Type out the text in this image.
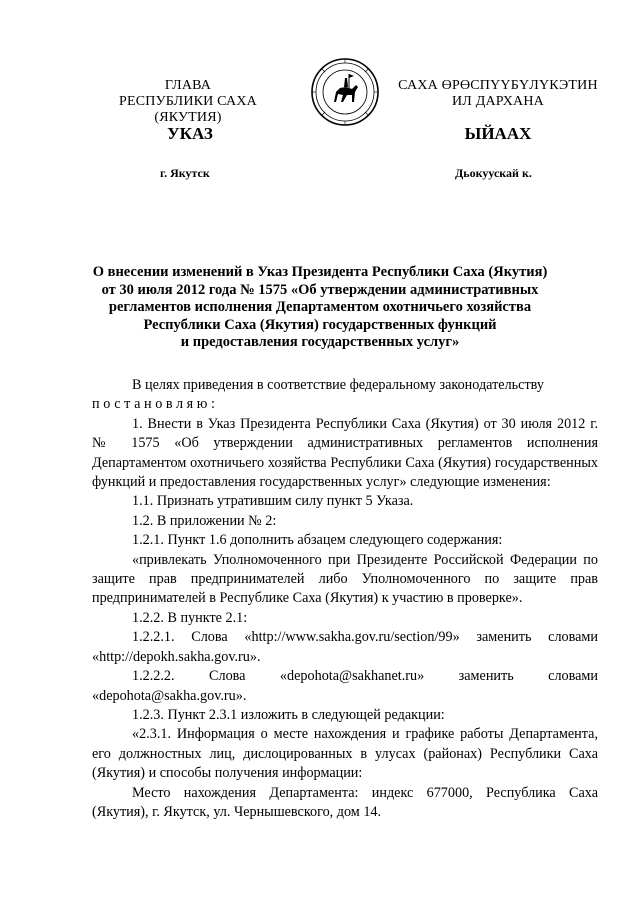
ГЛАВА
РЕСПУБЛИКИ САХА (ЯКУТИЯ)
САХА ӨРӨСПҮҮБҮЛҮКЭТИН
ИЛ ДАРХАНА
УКАЗ	ЫЙААХ
г. Якутск	Дьокуускай к.
О внесении изменений в Указ Президента Республики Саха (Якутия)
от 30 июля 2012 года № 1575 «Об утверждении административных
регламентов исполнения Департаментом охотничьего хозяйства
Республики Саха (Якутия) государственных функций
и предоставления государственных услуг»

В целях приведения в соответствие федеральному законодательству

постановляю:

1. Внести в Указ Президента Республики Саха (Якутия) от 30 июля 2012 г. № 1575 «Об утверждении административных регламентов исполнения Департаментом охотничьего хозяйства Республики Саха (Якутия) государственных функций и предоставления государственных услуг» следующие изменения:

1.1. Признать утратившим силу пункт 5 Указа.

1.2. В приложении № 2:

1.2.1. Пункт 1.6 дополнить абзацем следующего содержания:

«привлекать Уполномоченного при Президенте Российской Федерации по защите прав предпринимателей либо Уполномоченного по защите прав предпринимателей в Республике Саха (Якутия) к участию в проверке».

1.2.2. В пункте 2.1:

1.2.2.1. Слова «http://www.sakha.gov.ru/section/99» заменить словами «http://depokh.sakha.gov.ru».

1.2.2.2. Слова «depohota@sakhanet.ru» заменить словами «depohota@sakha.gov.ru».

1.2.3. Пункт 2.3.1 изложить в следующей редакции:

«2.3.1. Информация о месте нахождения и графике работы Департамента, его должностных лиц, дислоцированных в улусах (районах) Республики Саха (Якутия) и способы получения информации:

Место нахождения Департамента: индекс 677000, Республика Саха (Якутия), г. Якутск, ул. Чернышевского, дом 14.
